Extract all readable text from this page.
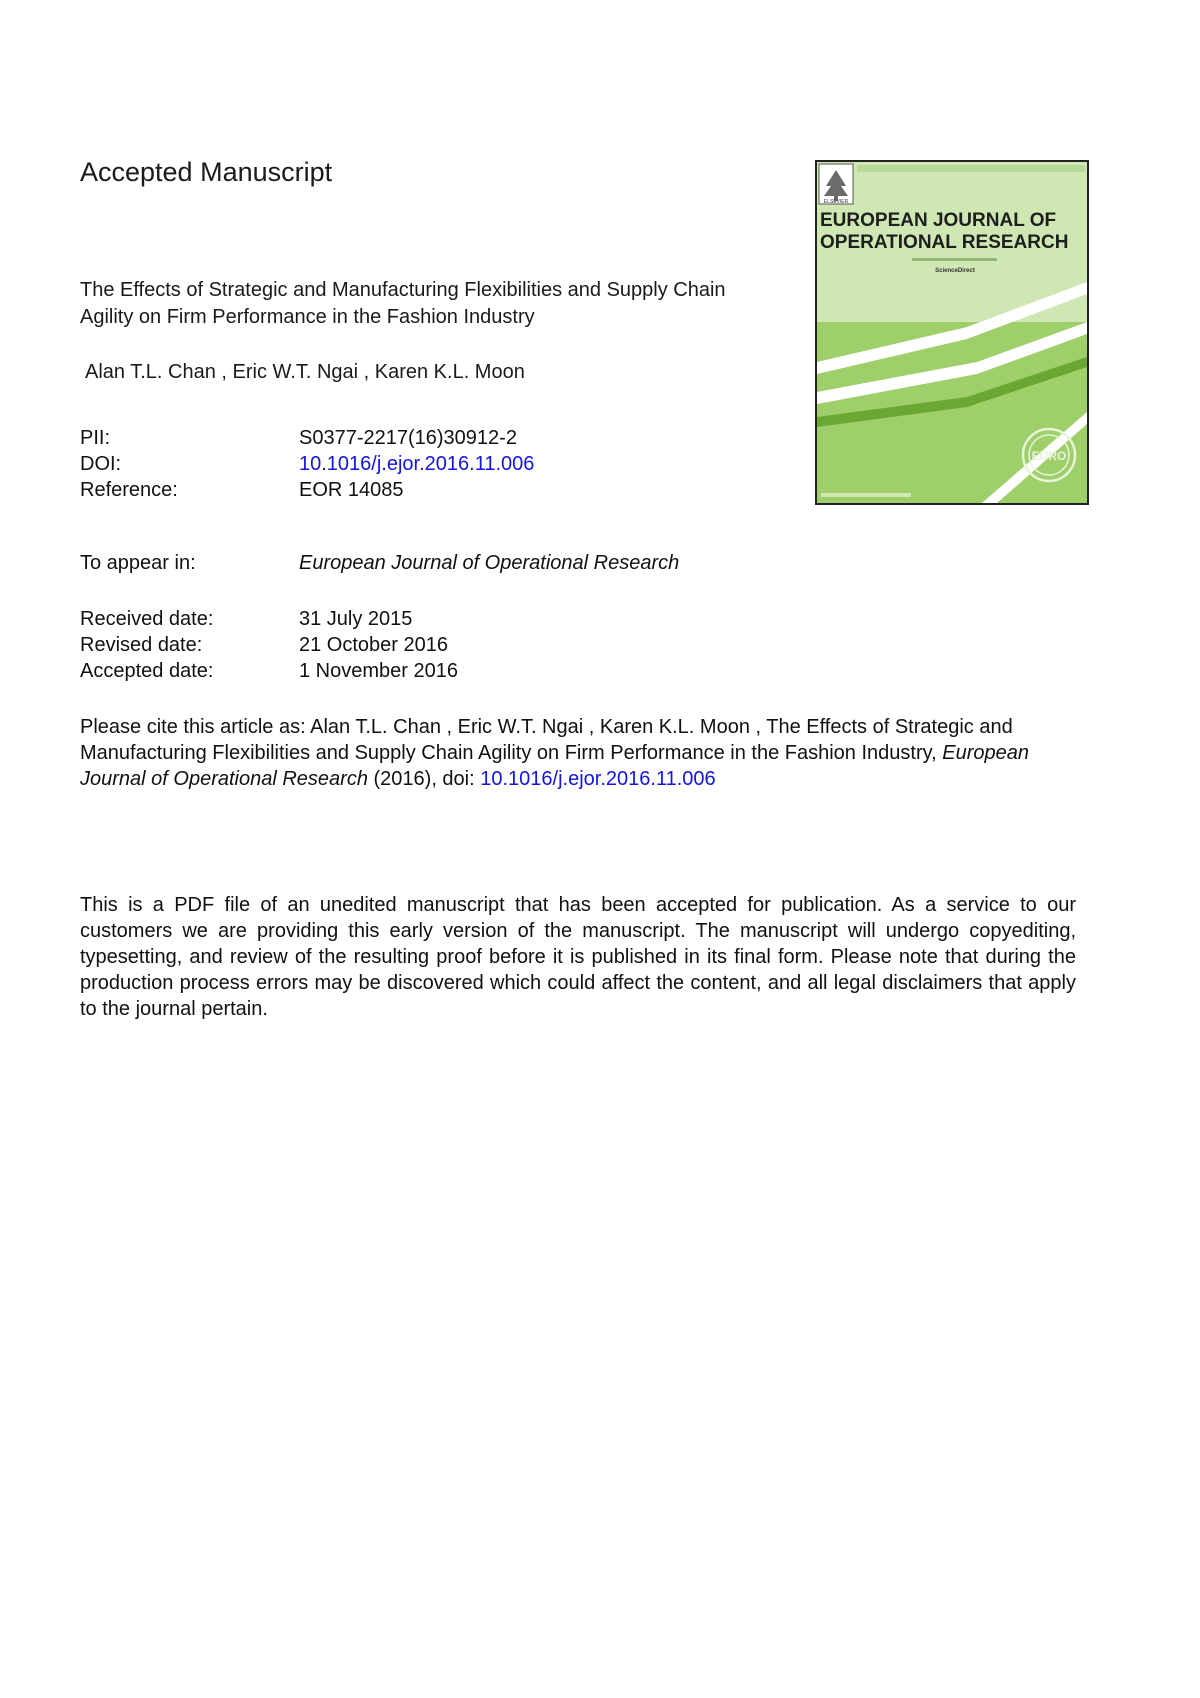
Accepted Manuscript
The Effects of Strategic and Manufacturing Flexibilities and Supply Chain Agility on Firm Performance in the Fashion Industry
Alan T.L. Chan , Eric W.T. Ngai , Karen K.L. Moon
PII:	S0377-2217(16)30912-2
DOI:	10.1016/j.ejor.2016.11.006
Reference:	EOR 14085
To appear in:	European Journal of Operational Research
Received date:	31 July 2015
Revised date:	21 October 2016
Accepted date:	1 November 2016
Please cite this article as: Alan T.L. Chan , Eric W.T. Ngai , Karen K.L. Moon , The Effects of Strategic and Manufacturing Flexibilities and Supply Chain Agility on Firm Performance in the Fashion Industry, European Journal of Operational Research (2016), doi: 10.1016/j.ejor.2016.11.006
This is a PDF file of an unedited manuscript that has been accepted for publication. As a service to our customers we are providing this early version of the manuscript. The manuscript will undergo copyediting, typesetting, and review of the resulting proof before it is published in its final form. Please note that during the production process errors may be discovered which could affect the content, and all legal disclaimers that apply to the journal pertain.
ELSEVIER
EUROPEAN JOURNAL OF
OPERATIONAL RESEARCH
ScienceDirect
EURO
